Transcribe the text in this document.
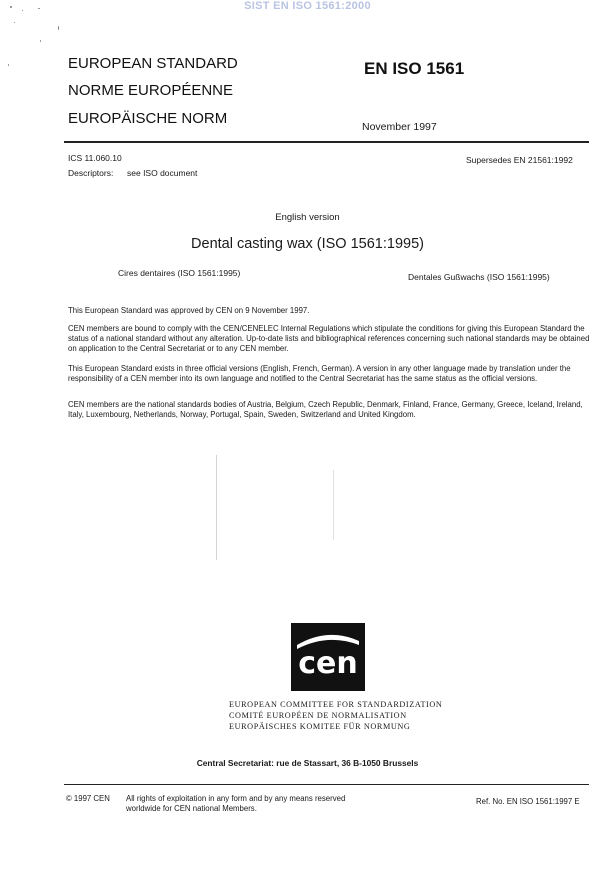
SIST EN ISO 1561:2000
EUROPEAN STANDARD
NORME EUROPÉENNE
EUROPÄISCHE NORM
EN ISO 1561
November 1997
ICS 11.060.10
Descriptors: see ISO document
Supersedes EN 21561:1992
English version
Dental casting wax (ISO 1561:1995)
Cires dentaires (ISO 1561:1995)	Dentales Gußwachs (ISO 1561:1995)
This European Standard was approved by CEN on 9 November 1997.
CEN members are bound to comply with the CEN/CENELEC Internal Regulations which stipulate the conditions for giving this European Standard the status of a national standard without any alteration. Up-to-date lists and bibliographical references concerning such national standards may be obtained on application to the Central Secretariat or to any CEN member.
This European Standard exists in three official versions (English, French, German). A version in any other language made by translation under the responsibility of a CEN member into its own language and notified to the Central Secretariat has the same status as the official versions.
CEN members are the national standards bodies of Austria, Belgium, Czech Republic, Denmark, Finland, France, Germany, Greece, Iceland, Ireland, Italy, Luxembourg, Netherlands, Norway, Portugal, Spain, Sweden, Switzerland and United Kingdom.
cen
EUROPEAN COMMITTEE FOR STANDARDIZATION
COMITÉ EUROPÉEN DE NORMALISATION
EUROPÄISCHES KOMITEE FÜR NORMUNG
Central Secretariat: rue de Stassart, 36 B-1050 Brussels
© 1997 CEN All rights of exploitation in any form and by any means reserved
worldwide for CEN national Members.
Ref. No. EN ISO 1561:1997 E
